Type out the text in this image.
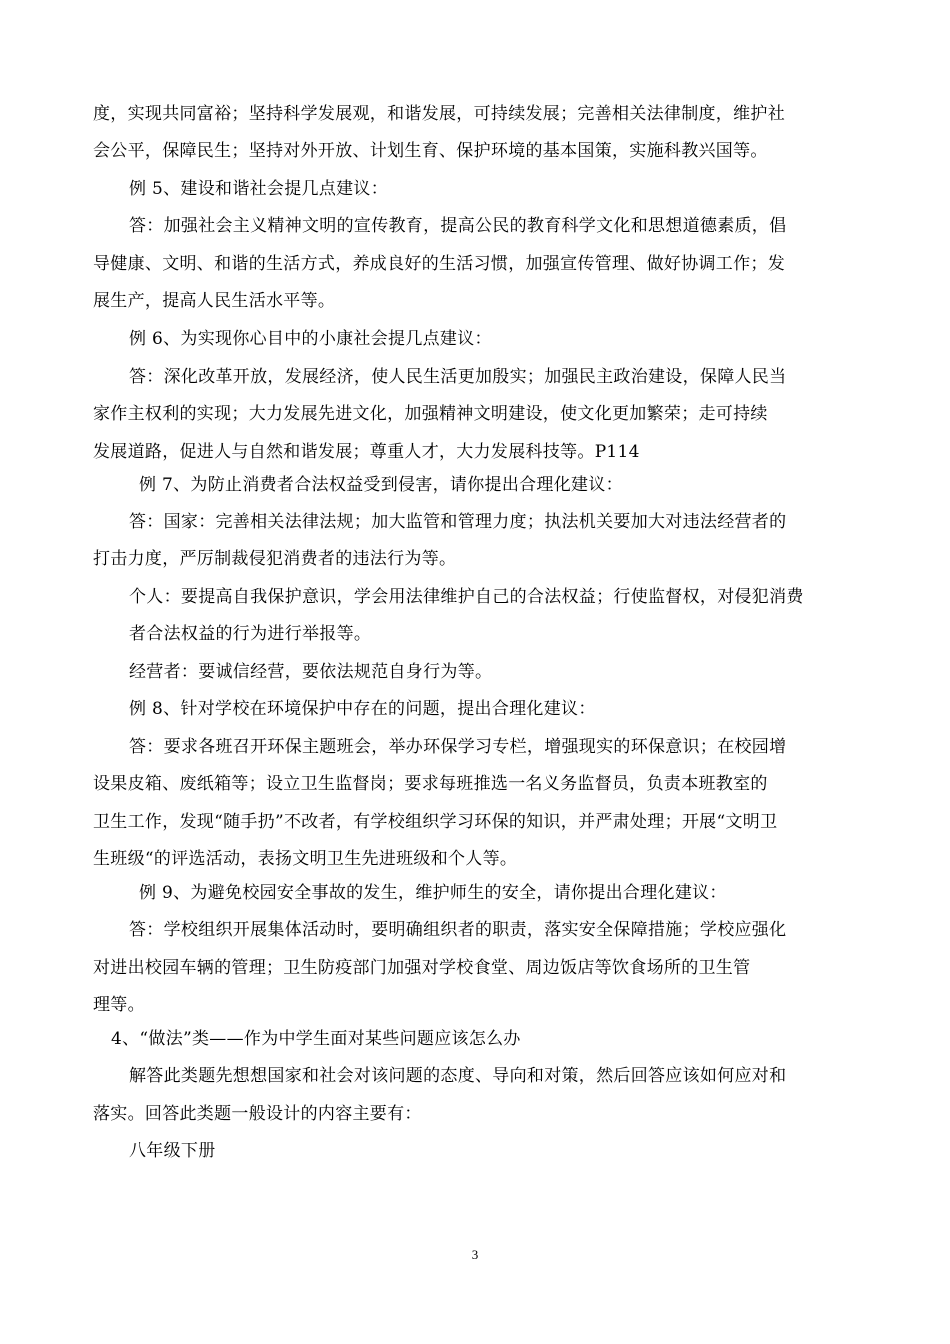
度，实现共同富裕；坚持科学发展观，和谐发展，可持续发展；完善相关法律制度，维护社
会公平，保障民生；坚持对外开放、计划生育、保护环境的基本国策，实施科教兴国等。
例 5、建设和谐社会提几点建议：
答：加强社会主义精神文明的宣传教育，提高公民的教育科学文化和思想道德素质，倡
导健康、文明、和谐的生活方式，养成良好的生活习惯，加强宣传管理、做好协调工作；发
展生产，提高人民生活水平等。
例 6、为实现你心目中的小康社会提几点建议：
答：深化改革开放，发展经济，使人民生活更加殷实；加强民主政治建设，保障人民当
家作主权利的实现；大力发展先进文化，加强精神文明建设，使文化更加繁荣；走可持续
发展道路，促进人与自然和谐发展；尊重人才，大力发展科技等。P114
例 7、为防止消费者合法权益受到侵害，请你提出合理化建议：
答：国家：完善相关法律法规；加大监管和管理力度；执法机关要加大对违法经营者的
打击力度，严厉制裁侵犯消费者的违法行为等。
个人：要提高自我保护意识，学会用法律维护自己的合法权益；行使监督权，对侵犯消费
者合法权益的行为进行举报等。
经营者：要诚信经营，要依法规范自身行为等。
例 8、针对学校在环境保护中存在的问题，提出合理化建议：
答：要求各班召开环保主题班会，举办环保学习专栏，增强现实的环保意识；在校园增
设果皮箱、废纸箱等；设立卫生监督岗；要求每班推选一名义务监督员，负责本班教室的
卫生工作，发现“随手扔”不改者，有学校组织学习环保的知识，并严肃处理；开展“文明卫
生班级“的评选活动，表扬文明卫生先进班级和个人等。
例 9、为避免校园安全事故的发生，维护师生的安全，请你提出合理化建议：
答：学校组织开展集体活动时，要明确组织者的职责，落实安全保障措施；学校应强化
对进出校园车辆的管理；卫生防疫部门加强对学校食堂、周边饭店等饮食场所的卫生管
理等。
4、“做法”类——作为中学生面对某些问题应该怎么办
解答此类题先想想国家和社会对该问题的态度、导向和对策，然后回答应该如何应对和
落实。回答此类题一般设计的内容主要有：
八年级下册
3
